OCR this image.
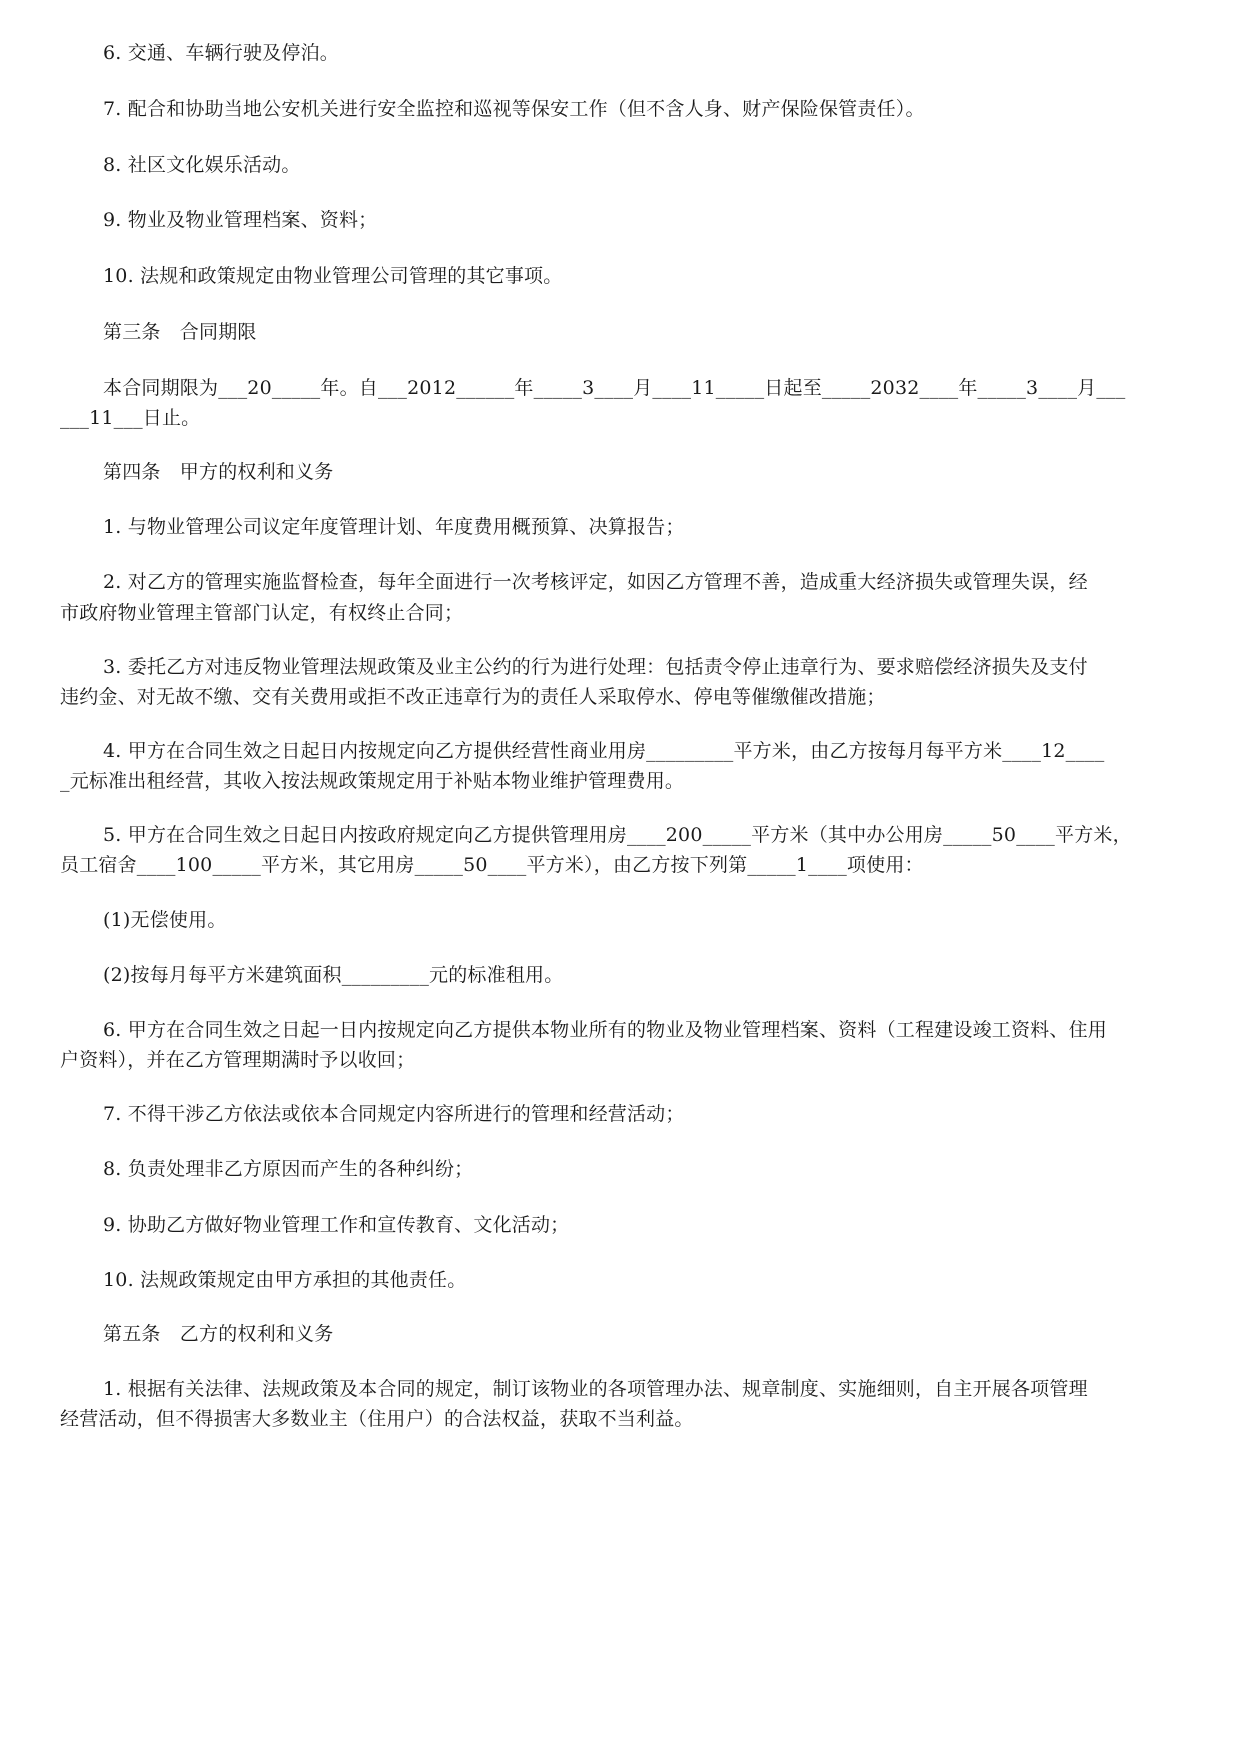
6. 交通、车辆行驶及停泊。
7. 配合和协助当地公安机关进行安全监控和巡视等保安工作（但不含人身、财产保险保管责任）。
8. 社区文化娱乐活动。
9. 物业及物业管理档案、资料；
10. 法规和政策规定由物业管理公司管理的其它事项。
第三条　合同期限
本合同期限为___20_____年。自___2012______年_____3____月____11_____日起至_____2032____年_____3____月___
___11___日止。
第四条　甲方的权利和义务
1. 与物业管理公司议定年度管理计划、年度费用概预算、决算报告；
2. 对乙方的管理实施监督检查，每年全面进行一次考核评定，如因乙方管理不善，造成重大经济损失或管理失误，经
市政府物业管理主管部门认定，有权终止合同；
3. 委托乙方对违反物业管理法规政策及业主公约的行为进行处理：包括责令停止违章行为、要求赔偿经济损失及支付
违约金、对无故不缴、交有关费用或拒不改正违章行为的责任人采取停水、停电等催缴催改措施；
4. 甲方在合同生效之日起日内按规定向乙方提供经营性商业用房_________平方米，由乙方按每月每平方米____12____
_元标准出租经营，其收入按法规政策规定用于补贴本物业维护管理费用。
5. 甲方在合同生效之日起日内按政府规定向乙方提供管理用房____200_____平方米（其中办公用房_____50____平方米，
员工宿舍____100_____平方米，其它用房_____50____平方米），由乙方按下列第_____1____项使用：
(1)无偿使用。
(2)按每月每平方米建筑面积_________元的标准租用。
6. 甲方在合同生效之日起一日内按规定向乙方提供本物业所有的物业及物业管理档案、资料（工程建设竣工资料、住用
户资料），并在乙方管理期满时予以收回；
7. 不得干涉乙方依法或依本合同规定内容所进行的管理和经营活动；
8. 负责处理非乙方原因而产生的各种纠纷；
9. 协助乙方做好物业管理工作和宣传教育、文化活动；
10. 法规政策规定由甲方承担的其他责任。
第五条　乙方的权利和义务
1. 根据有关法律、法规政策及本合同的规定，制订该物业的各项管理办法、规章制度、实施细则，自主开展各项管理
经营活动，但不得损害大多数业主（住用户）的合法权益，获取不当利益。
